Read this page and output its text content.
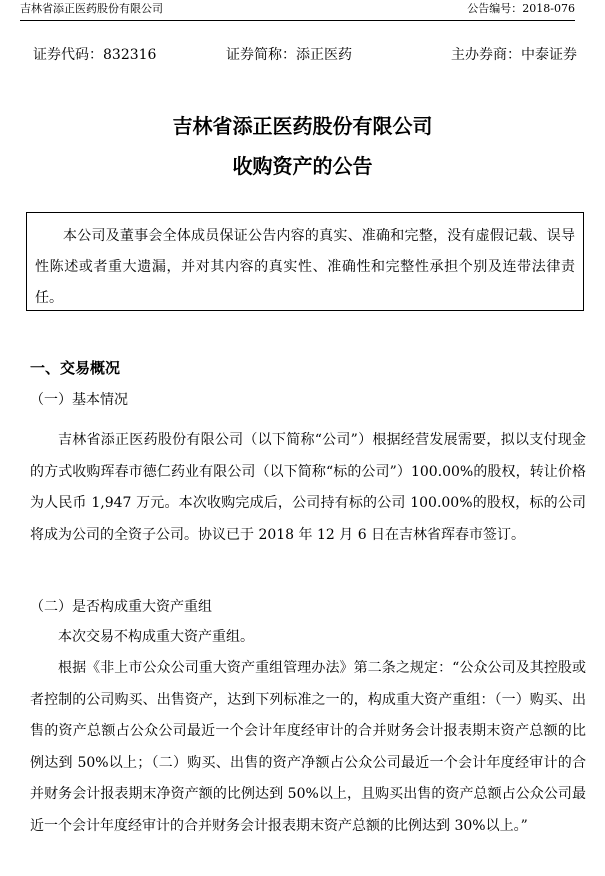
吉林省添正医药股份有限公司	公告编号：2018-076
证券代码：832316	证券简称：添正医药	主办券商：中泰证券
吉林省添正医药股份有限公司
收购资产的公告

本公司及董事会全体成员保证公告内容的真实、准确和完整，没有虚假记载、误导性陈述或者重大遗漏，并对其内容的真实性、准确性和完整性承担个别及连带法律责任。

一、交易概况
（一）基本情况

吉林省添正医药股份有限公司（以下简称“公司”）根据经营发展需要，拟以支付现金的方式收购珲春市德仁药业有限公司（以下简称“标的公司”）100.00%的股权，转让价格为人民币 1,947 万元。本次收购完成后，公司持有标的公司 100.00%的股权，标的公司将成为公司的全资子公司。协议已于 2018 年 12 月 6 日在吉林省珲春市签订。

（二）是否构成重大资产重组

本次交易不构成重大资产重组。

根据《非上市公众公司重大资产重组管理办法》第二条之规定：“公众公司及其控股或者控制的公司购买、出售资产，达到下列标准之一的，构成重大资产重组：（一）购买、出售的资产总额占公众公司最近一个会计年度经审计的合并财务会计报表期末资产总额的比例达到 50%以上；（二）购买、出售的资产净额占公众公司最近一个会计年度经审计的合并财务会计报表期末净资产额的比例达到 50%以上，且购买出售的资产总额占公众公司最近一个会计年度经审计的合并财务会计报表期末资产总额的比例达到 30%以上。”
